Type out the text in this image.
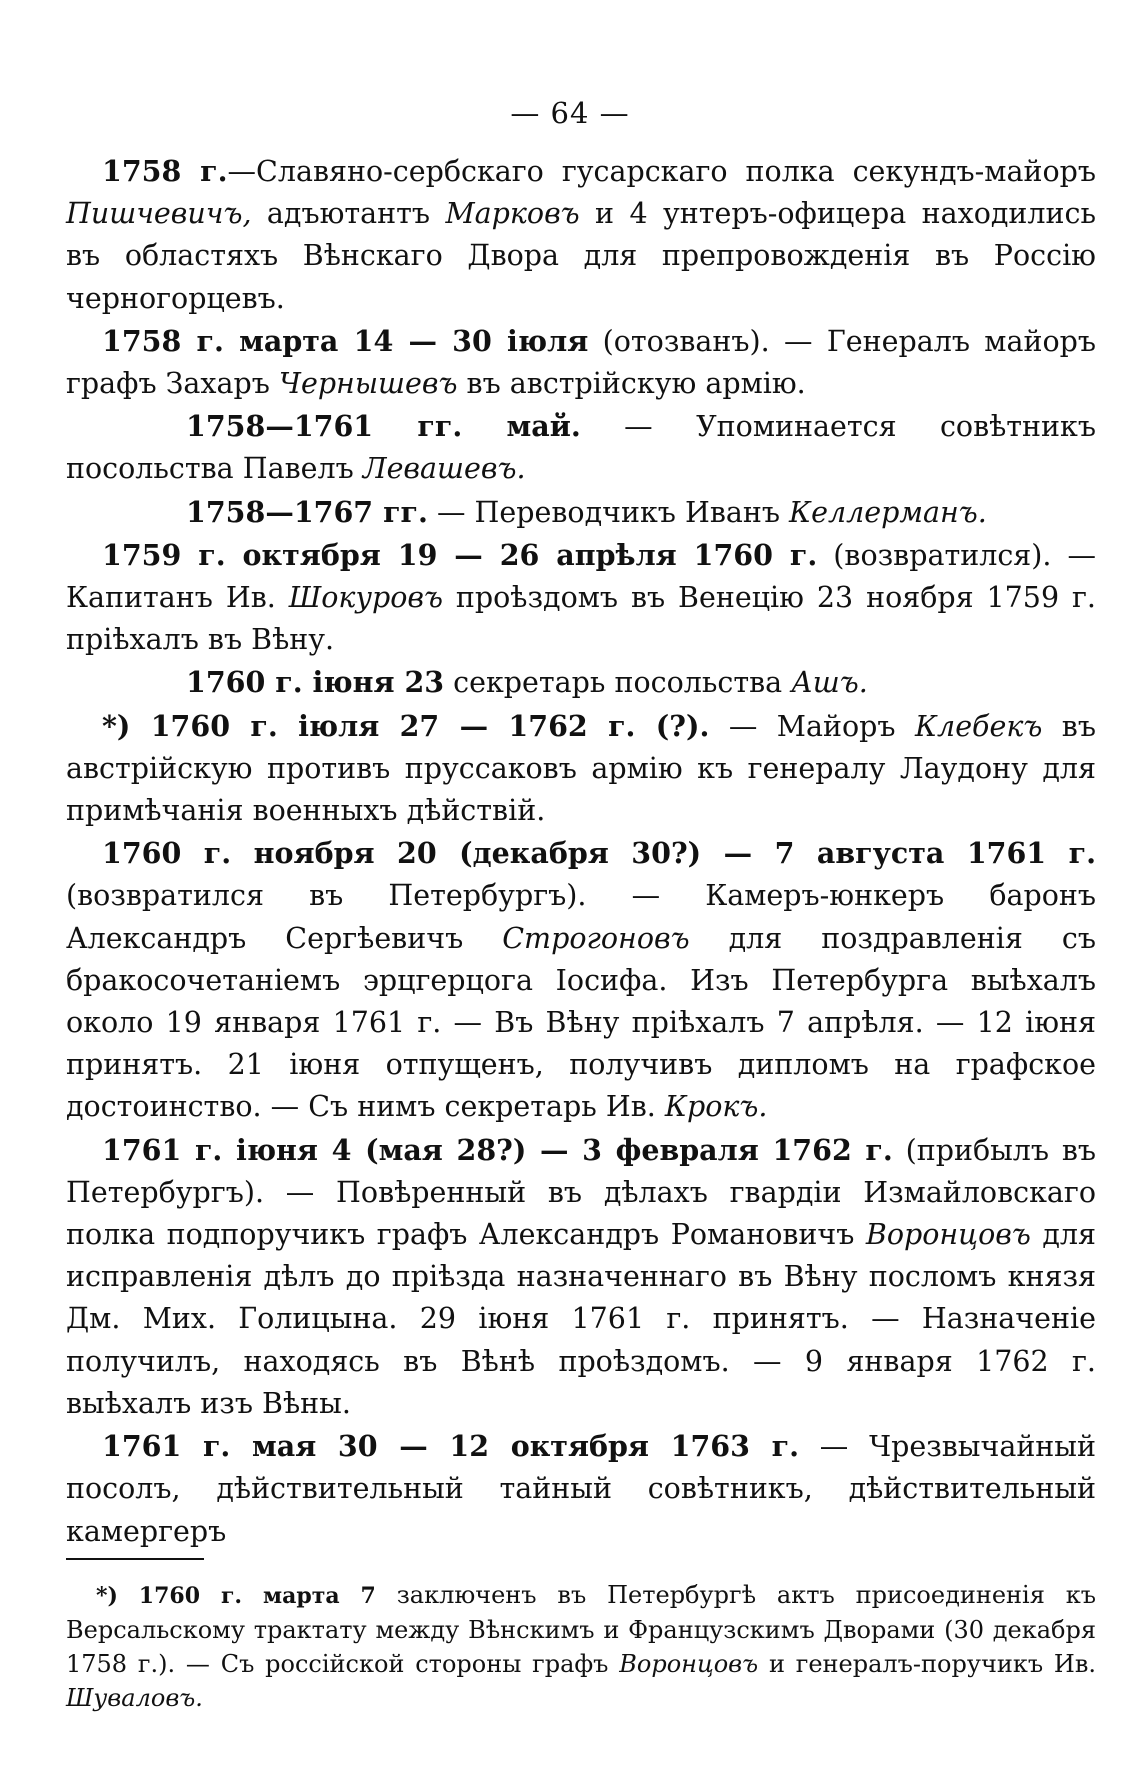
— 64 —

1758 г.—Славяно-сербскаго гусарскаго полка секундъ-майоръ Пишчевичъ, адъютантъ Марковъ и 4 унтеръ-офицера находились въ областяхъ Вѣнскаго Двора для препровожденія въ Россію черногорцевъ.

1758 г. марта 14 — 30 іюля (отозванъ). — Генералъ майоръ графъ Захаръ Чернышевъ въ австрійскую армію.

1758—1761 гг. май. — Упоминается совѣтникъ посольства Павелъ Левашевъ.

1758—1767 гг. — Переводчикъ Иванъ Келлерманъ.

1759 г. октября 19 — 26 апрѣля 1760 г. (возвратился). — Капитанъ Ив. Шокуровъ проѣздомъ въ Венецію 23 ноября 1759 г. пріѣхалъ въ Вѣну.

1760 г. іюня 23 секретарь посольства Ашъ.

*) 1760 г. іюля 27 — 1762 г. (?). — Майоръ Клебекъ въ австрійскую противъ пруссаковъ армію къ генералу Лаудону для примѣчанія военныхъ дѣйствій.

1760 г. ноября 20 (декабря 30?) — 7 августа 1761 г. (возвратился въ Петербургъ). — Камеръ-юнкеръ баронъ Александръ Сергѣевичъ Строгоновъ для поздравленія съ бракосочетаніемъ эрцгерцога Іосифа. Изъ Петербурга выѣхалъ около 19 января 1761 г. — Въ Вѣну пріѣхалъ 7 апрѣля. — 12 іюня принятъ. 21 іюня отпущенъ, получивъ дипломъ на графское достоинство. — Съ нимъ секретарь Ив. Крокъ.

1761 г. іюня 4 (мая 28?) — 3 февраля 1762 г. (прибылъ въ Петербургъ). — Повѣренный въ дѣлахъ гвардіи Измайловскаго полка подпоручикъ графъ Александръ Романовичъ Воронцовъ для исправленія дѣлъ до пріѣзда назначеннаго въ Вѣну посломъ князя Дм. Мих. Голицына. 29 іюня 1761 г. принятъ. — Назначеніе получилъ, находясь въ Вѣнѣ проѣздомъ. — 9 января 1762 г. выѣхалъ изъ Вѣны.

1761 г. мая 30 — 12 октября 1763 г. — Чрезвычайный посолъ, дѣйствительный тайный совѣтникъ, дѣйствительный камергеръ

*) 1760 г. марта 7 заключенъ въ Петербургѣ актъ присоединенія къ Версальскому трактату между Вѣнскимъ и Французскимъ Дворами (30 декабря 1758 г.). — Съ россійской стороны графъ Воронцовъ и генералъ-поручикъ Ив. Шуваловъ.
